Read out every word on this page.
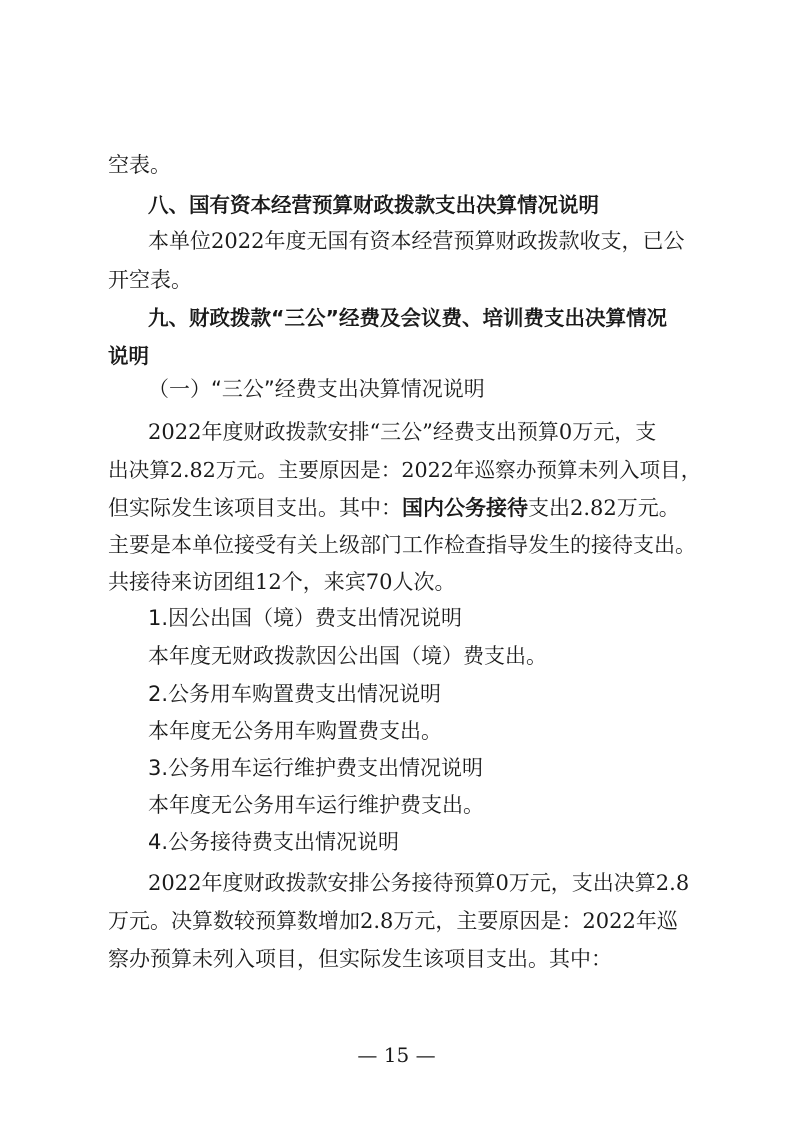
空表。
八、国有资本经营预算财政拨款支出决算情况说明
本单位2022年度无国有资本经营预算财政拨款收支，已公
开空表。
九、财政拨款“三公”经费及会议费、培训费支出决算情况
说明
（一）“三公”经费支出决算情况说明
2022年度财政拨款安排“三公”经费支出预算0万元，支
出决算2.82万元。主要原因是：2022年巡察办预算未列入项目，
但实际发生该项目支出。其中：国内公务接待支出2.82万元。
主要是本单位接受有关上级部门工作检查指导发生的接待支出。
共接待来访团组12个，来宾70人次。
1.因公出国（境）费支出情况说明
本年度无财政拨款因公出国（境）费支出。
2.公务用车购置费支出情况说明
本年度无公务用车购置费支出。
3.公务用车运行维护费支出情况说明
本年度无公务用车运行维护费支出。
4.公务接待费支出情况说明
2022年度财政拨款安排公务接待预算0万元，支出决算2.8
万元。决算数较预算数增加2.8万元，主要原因是：2022年巡
察办预算未列入项目，但实际发生该项目支出。其中：
— 15 —
